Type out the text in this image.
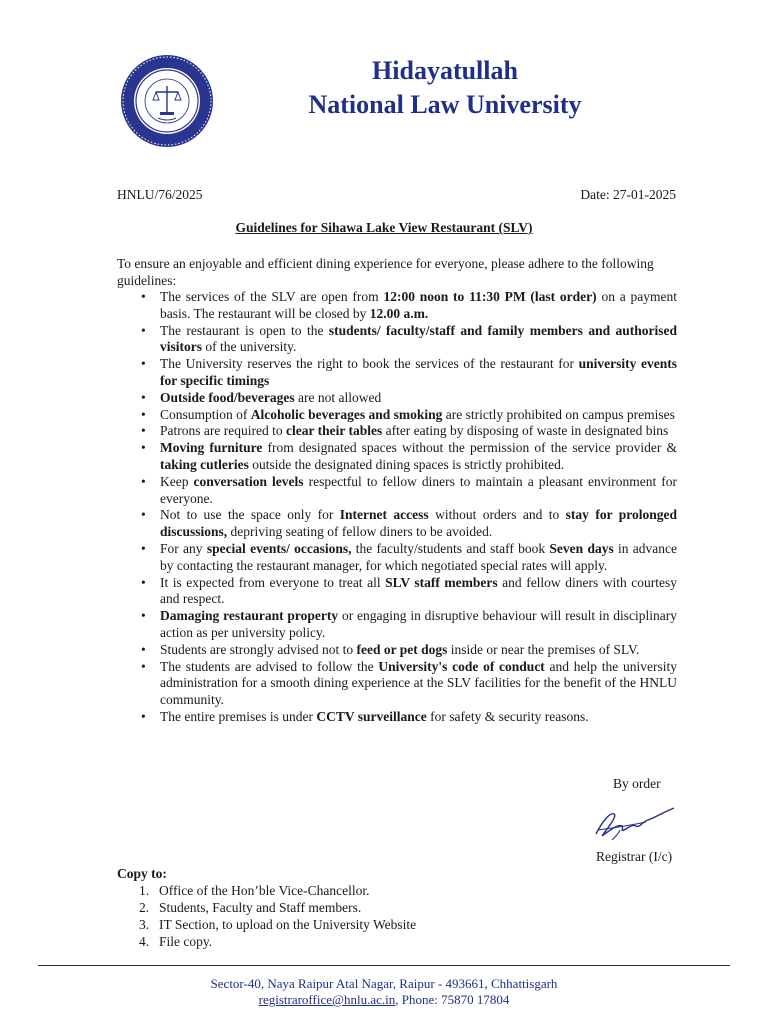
Hidayatullah
National Law University
HNLU/76/2025	Date: 27-01-2025
Guidelines for Sihawa Lake View Restaurant (SLV)
To ensure an enjoyable and efficient dining experience for everyone, please adhere to the following guidelines:
• The services of the SLV are open from 12:00 noon to 11:30 PM (last order) on a payment basis. The restaurant will be closed by 12.00 a.m.
• The restaurant is open to the students/ faculty/staff and family members and authorised visitors of the university.
• The University reserves the right to book the services of the restaurant for university events for specific timings
• Outside food/beverages are not allowed
• Consumption of Alcoholic beverages and smoking are strictly prohibited on campus premises
• Patrons are required to clear their tables after eating by disposing of waste in designated bins
• Moving furniture from designated spaces without the permission of the service provider & taking cutleries outside the designated dining spaces is strictly prohibited.
• Keep conversation levels respectful to fellow diners to maintain a pleasant environment for everyone.
• Not to use the space only for Internet access without orders and to stay for prolonged discussions, depriving seating of fellow diners to be avoided.
• For any special events/ occasions, the faculty/students and staff book Seven days in advance by contacting the restaurant manager, for which negotiated special rates will apply.
• It is expected from everyone to treat all SLV staff members and fellow diners with courtesy and respect.
• Damaging restaurant property or engaging in disruptive behaviour will result in disciplinary action as per university policy.
• Students are strongly advised not to feed or pet dogs inside or near the premises of SLV.
• The students are advised to follow the University's code of conduct and help the university administration for a smooth dining experience at the SLV facilities for the benefit of the HNLU community.
• The entire premises is under CCTV surveillance for safety & security reasons.
By order
Registrar (I/c)
Copy to:
1. Office of the Hon’ble Vice-Chancellor.
2. Students, Faculty and Staff members.
3. IT Section, to upload on the University Website
4. File copy.
Sector-40, Naya Raipur Atal Nagar, Raipur - 493661, Chhattisgarh
registraroffice@hnlu.ac.in, Phone: 75870 17804
